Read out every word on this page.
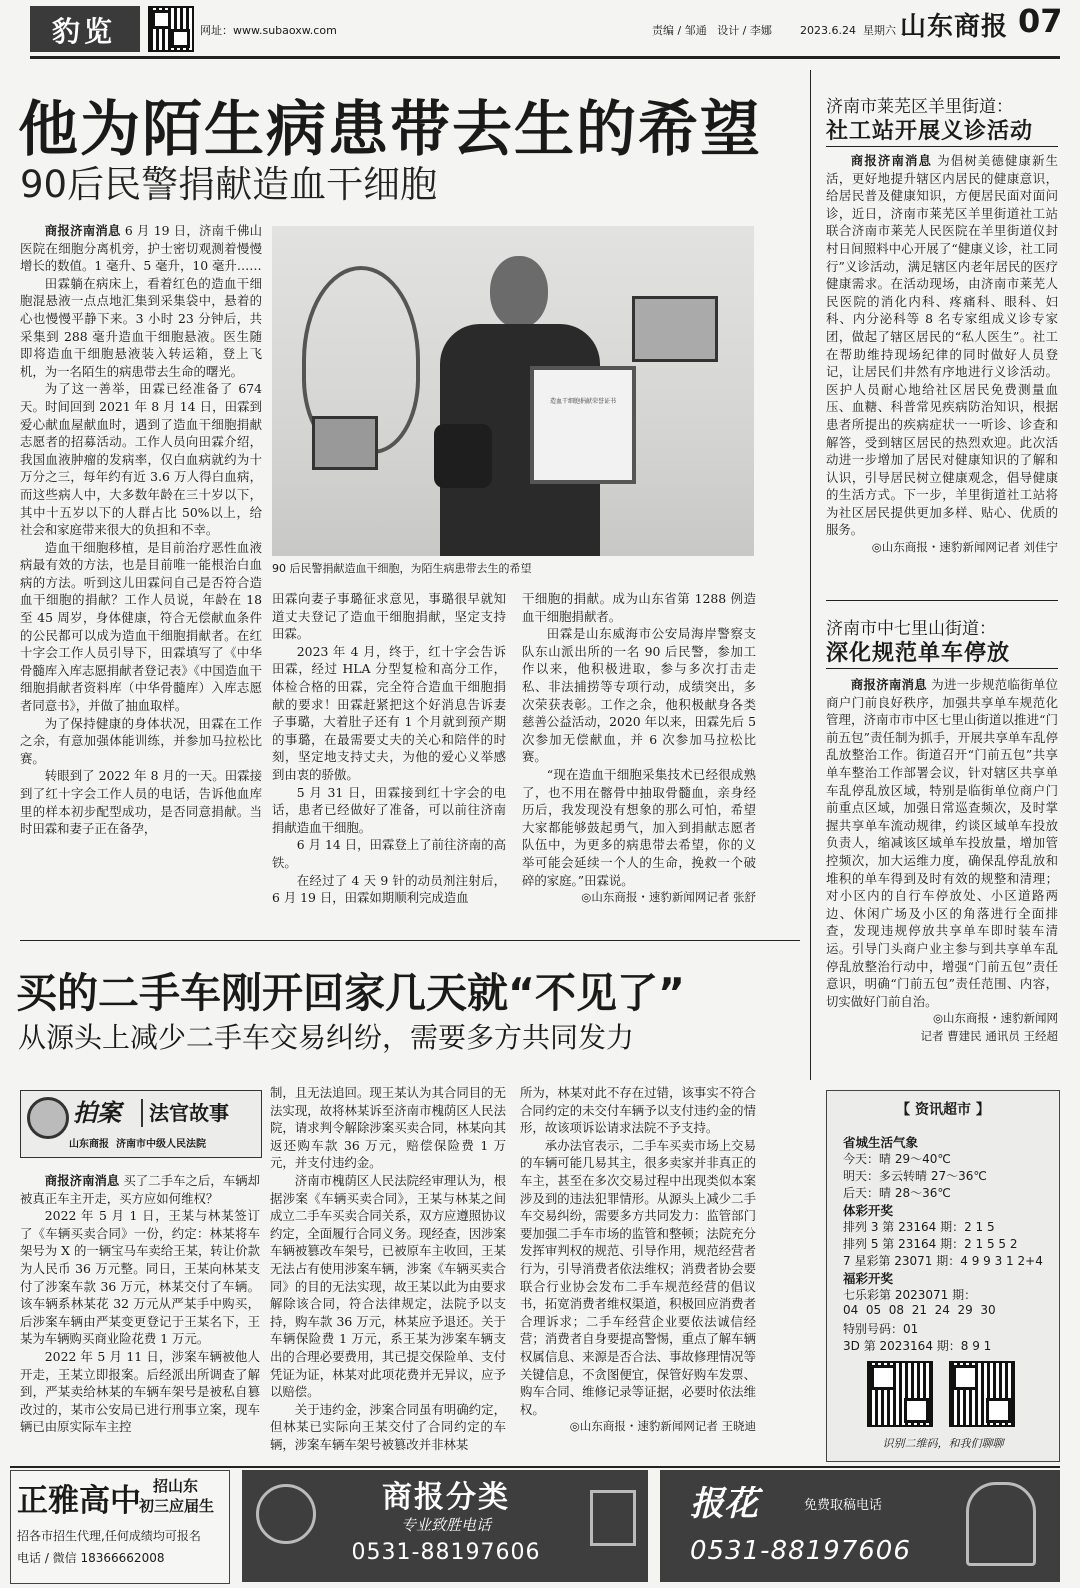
豹览	网址：www.subaoxw.com	责编 / 邹通   设计 / 李娜	2023.6.24  星期六 山东商报 07
他为陌生病患带去生的希望
90后民警捐献造血干细胞
造血干细胞捐献荣誉证书
90 后民警捐献造血干细胞，为陌生病患带去生的希望

商报济南消息 6 月 19 日，济南千佛山医院在细胞分离机旁，护士密切观测着慢慢增长的数值。1 毫升、5 毫升，10 毫升……

田霖躺在病床上，看着红色的造血干细胞混悬液一点点地汇集到采集袋中，悬着的心也慢慢平静下来。3 小时 23 分钟后，共采集到 288 毫升造血干细胞悬液。医生随即将造血干细胞悬液装入转运箱，登上飞机，为一名陌生的病患带去生命的曙光。

为了这一善举，田霖已经准备了 674 天。时间回到 2021 年 8 月 14 日，田霖到爱心献血屋献血时，遇到了造血干细胞捐献志愿者的招募活动。工作人员向田霖介绍，我国血液肿瘤的发病率，仅白血病就约为十万分之三，每年约有近 3.6 万人得白血病，而这些病人中，大多数年龄在三十岁以下，其中十五岁以下的人群占比 50%以上，给社会和家庭带来很大的负担和不幸。

造血干细胞移植，是目前治疗恶性血液病最有效的方法，也是目前唯一能根治白血病的方法。听到这儿田霖问自己是否符合造血干细胞的捐献？工作人员说，年龄在 18 至 45 周岁，身体健康，符合无偿献血条件的公民都可以成为造血干细胞捐献者。在红十字会工作人员引导下，田霖填写了《中华骨髓库入库志愿捐献者登记表》《中国造血干细胞捐献者资料库（中华骨髓库）入库志愿者同意书》，并做了抽血取样。

为了保持健康的身体状况，田霖在工作之余，有意加强体能训练，并参加马拉松比赛。

转眼到了 2022 年 8 月的一天。田霖接到了红十字会工作人员的电话，告诉他血库里的样本初步配型成功，是否同意捐献。当时田霖和妻子正在备孕，

田霖向妻子事璐征求意见，事璐很早就知道丈夫登记了造血干细胞捐献，坚定支持田霖。

2023 年 4 月，终于，红十字会告诉田霖，经过 HLA 分型复检和高分工作，体检合格的田霖，完全符合造血干细胞捐献的要求！田霖赶紧把这个好消息告诉妻子事璐，大着肚子还有 1 个月就到预产期的事璐，在最需要丈夫的关心和陪伴的时刻，坚定地支持丈夫，为他的爱心义举感到由衷的骄傲。

5 月 31 日，田霖接到红十字会的电话，患者已经做好了准备，可以前往济南捐献造血干细胞。

6 月 14 日，田霖登上了前往济南的高铁。

在经过了 4 天 9 针的动员剂注射后，6 月 19 日，田霖如期顺利完成造血

干细胞的捐献。成为山东省第 1288 例造血干细胞捐献者。

田霖是山东威海市公安局海岸警察支队东山派出所的一名 90 后民警，参加工作以来，他积极进取，参与多次打击走私、非法捕捞等专项行动，成绩突出，多次荣获表彰。工作之余，他积极献身各类慈善公益活动，2020 年以来，田霖先后 5 次参加无偿献血，并 6 次参加马拉松比赛。

“现在造血干细胞采集技术已经很成熟了，也不用在髂骨中抽取骨髓血，亲身经历后，我发现没有想象的那么可怕，希望大家都能够鼓起勇气，加入到捐献志愿者队伍中，为更多的病患带去希望，你的义举可能会延续一个人的生命，挽救一个破碎的家庭。”田霖说。

◎山东商报・速豹新闻网记者 张舒

济南市莱芜区羊里街道：
社工站开展义诊活动

商报济南消息 为倡树美德健康新生活，更好地提升辖区内居民的健康意识，给居民普及健康知识，方便居民面对面问诊，近日，济南市莱芜区羊里街道社工站联合济南市莱芜人民医院在羊里街道仪封村日间照料中心开展了“健康义诊，社工同行”义诊活动，满足辖区内老年居民的医疗健康需求。在活动现场，由济南市莱芜人民医院的消化内科、疼痛科、眼科、妇科、内分泌科等 8 名专家组成义诊专家团，做起了辖区居民的“私人医生”。社工在帮助维持现场纪律的同时做好人员登记，让居民们井然有序地进行义诊活动。医护人员耐心地给社区居民免费测量血压、血糖、科普常见疾病防治知识，根据患者所提出的疾病症状一一听诊、诊查和解答，受到辖区居民的热烈欢迎。此次活动进一步增加了居民对健康知识的了解和认识，引导居民树立健康观念，倡导健康的生活方式。下一步，羊里街道社工站将为社区居民提供更加多样、贴心、优质的服务。

◎山东商报・速豹新闻网记者 刘佳宁

济南市中七里山街道：
深化规范单车停放

商报济南消息 为进一步规范临街单位商户门前良好秩序，加强共享单车规范化管理，济南市市中区七里山街道以推进“门前五包”责任制为抓手，开展共享单车乱停乱放整治工作。街道召开“门前五包”共享单车整治工作部署会议，针对辖区共享单车乱停乱放区域，特别是临街单位商户门前重点区域，加强日常巡查频次，及时掌握共享单车流动规律，约谈区域单车投放负责人，缩减该区域单车投放量，增加管控频次，加大运维力度，确保乱停乱放和堆积的单车得到及时有效的规整和清理；对小区内的自行车停放处、小区道路两边、休闲广场及小区的角落进行全面排查，发现违规停放共享单车即时装车清运。引导门头商户业主参与到共享单车乱停乱放整治行动中，增强“门前五包”责任意识，明确“门前五包”责任范围、内容，切实做好门前自治。

◎山东商报・速豹新闻网
记者 曹建民 通讯员 王经超

买的二手车刚开回家几天就“不见了”
从源头上减少二手车交易纠纷，需要多方共同发力
拍案 法官故事
山东商报  济南市中级人民法院

商报济南消息 买了二手车之后，车辆却被真正车主开走，买方应如何维权？

2022 年 5 月 1 日，王某与林某签订了《车辆买卖合同》一份，约定：林某将车架号为 X 的一辆宝马车卖给王某，转让价款为人民币 36 万元整。同日，王某向林某支付了涉案车款 36 万元，林某交付了车辆。该车辆系林某花 32 万元从严某手中购买，后涉案车辆由严某变更登记于王某名下，王某为车辆购买商业险花费 1 万元。

2022 年 5 月 11 日，涉案车辆被他人开走，王某立即报案。后经派出所调查了解到，严某卖给林某的车辆车架号是被私自篡改过的，某市公安局已进行刑事立案，现车辆已由原实际车主控

制，且无法追回。现王某认为其合同目的无法实现，故将林某诉至济南市槐荫区人民法院，请求判令解除涉案买卖合同，林某向其返还购车款 36 万元，赔偿保险费 1 万元，并支付违约金。

济南市槐荫区人民法院经审理认为，根据涉案《车辆买卖合同》，王某与林某之间成立二手车买卖合同关系，双方应遵照协议约定，全面履行合同义务。现经查，因涉案车辆被篡改车架号，已被原车主收回，王某无法占有使用涉案车辆，涉案《车辆买卖合同》的目的无法实现，故王某以此为由要求解除该合同，符合法律规定，法院予以支持，购车款 36 万元，林某应予退还。关于车辆保险费 1 万元，系王某为涉案车辆支出的合理必要费用，其已提交保险单、支付凭证为证，林某对此项花费并无异议，应予以赔偿。

关于违约金，涉案合同虽有明确约定，但林某已实际向王某交付了合同约定的车辆，涉案车辆车架号被篡改并非林某

所为，林某对此不存在过错，该事实不符合合同约定的未交付车辆予以支付违约金的情形，故该项诉讼请求法院不予支持。

承办法官表示，二手车买卖市场上交易的车辆可能几易其主，很多卖家并非真正的车主，甚至在多次交易过程中出现类似本案涉及到的违法犯罪情形。从源头上减少二手车交易纠纷，需要多方共同发力：监管部门要加强二手车市场的监管和整顿；法院充分发挥审判权的规范、引导作用，规范经营者行为，引导消费者依法维权；消费者协会要联合行业协会发布二手车规范经营的倡议书，拓宽消费者维权渠道，积极回应消费者合理诉求；二手车经营企业要依法诚信经营；消费者自身要提高警惕，重点了解车辆权属信息、来源是否合法、事故修理情况等关键信息，不贪图便宜，保管好购车发票、购车合同、维修记录等证据，必要时依法维权。

◎山东商报・速豹新闻网记者 王晓迪

【 资讯超市 】
省城生活气象
今天：晴 29～40℃
明天：多云转晴 27～36℃
后天：晴 28～36℃
体彩开奖
排列 3 第 23164 期：2 1 5
排列 5 第 23164 期：2 1 5 5 2
7 星彩第 23071 期：4 9 9 3 1 2+4
福彩开奖
七乐彩第 2023071 期：
04  05  08  21  24  29  30
特别号码：01
3D 第 2023164 期：8 9 1
识别二维码，和我们聊聊
正雅高中 招山东
初三应届生
招各市招生代理,任何成绩均可报名
电话 / 微信 18366662008
商报分类
专业致胜电话
0531-88197606
报花	免费取稿电话
0531-88197606
